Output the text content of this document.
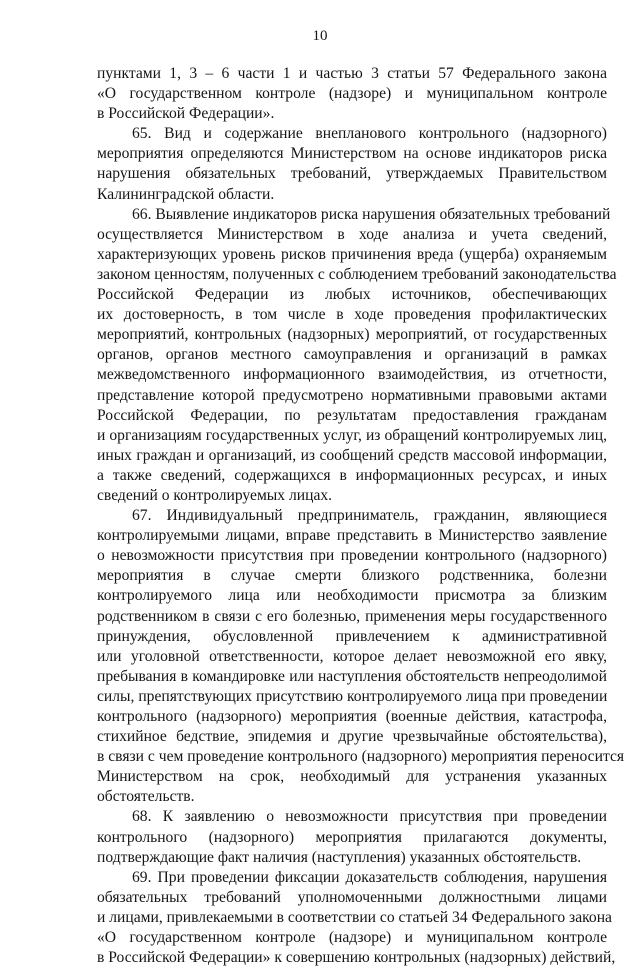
10
пунктами 1, 3 – 6 части 1 и частью 3 статьи 57 Федерального закона
«О государственном контроле (надзоре) и муниципальном контроле
в Российской Федерации».
65. Вид и содержание внепланового контрольного (надзорного)
мероприятия определяются Министерством на основе индикаторов риска
нарушения обязательных требований, утверждаемых Правительством
Калининградской области.
66. Выявление индикаторов риска нарушения обязательных требований
осуществляется Министерством в ходе анализа и учета сведений,
характеризующих уровень рисков причинения вреда (ущерба) охраняемым
законом ценностям, полученных с соблюдением требований законодательства
Российской Федерации из любых источников, обеспечивающих
их достоверность, в том числе в ходе проведения профилактических
мероприятий, контрольных (надзорных) мероприятий, от государственных
органов, органов местного самоуправления и организаций в рамках
межведомственного информационного взаимодействия, из отчетности,
представление которой предусмотрено нормативными правовыми актами
Российской Федерации, по результатам предоставления гражданам
и организациям государственных услуг, из обращений контролируемых лиц,
иных граждан и организаций, из сообщений средств массовой информации,
а также сведений, содержащихся в информационных ресурсах, и иных
сведений о контролируемых лицах.
67. Индивидуальный предприниматель, гражданин, являющиеся
контролируемыми лицами, вправе представить в Министерство заявление
о невозможности присутствия при проведении контрольного (надзорного)
мероприятия в случае смерти близкого родственника, болезни
контролируемого лица или необходимости присмотра за близким
родственником в связи с его болезнью, применения меры государственного
принуждения, обусловленной привлечением к административной
или уголовной ответственности, которое делает невозможной его явку,
пребывания в командировке или наступления обстоятельств непреодолимой
силы, препятствующих присутствию контролируемого лица при проведении
контрольного (надзорного) мероприятия (военные действия, катастрофа,
стихийное бедствие, эпидемия и другие чрезвычайные обстоятельства),
в связи с чем проведение контрольного (надзорного) мероприятия переносится
Министерством на срок, необходимый для устранения указанных
обстоятельств.
68. К заявлению о невозможности присутствия при проведении
контрольного (надзорного) мероприятия прилагаются документы,
подтверждающие факт наличия (наступления) указанных обстоятельств.
69. При проведении фиксации доказательств соблюдения, нарушения
обязательных требований уполномоченными должностными лицами
и лицами, привлекаемыми в соответствии со статьей 34 Федерального закона
«О государственном контроле (надзоре) и муниципальном контроле
в Российской Федерации» к совершению контрольных (надзорных) действий,
